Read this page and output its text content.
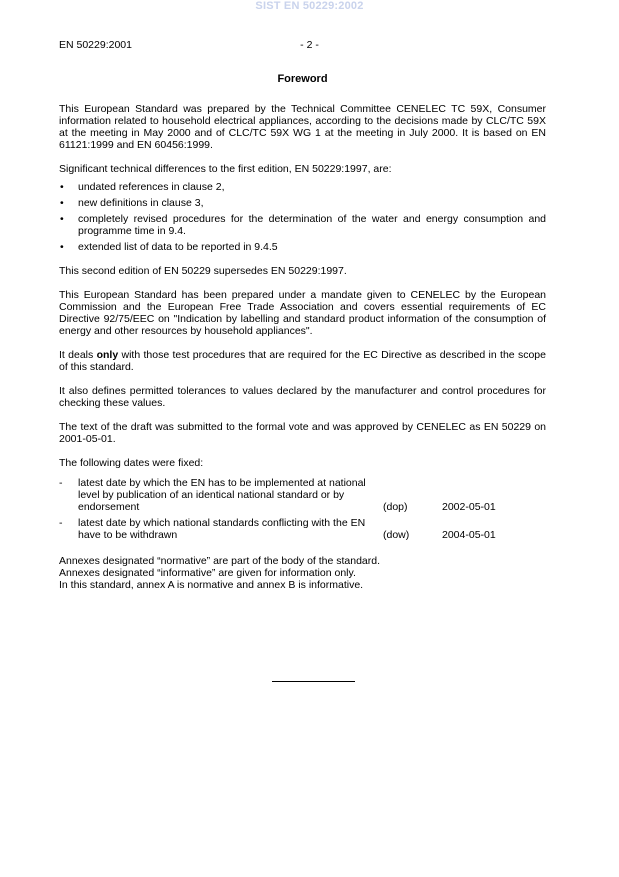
SIST EN 50229:2002
EN 50229:2001	- 2 -
Foreword

This European Standard was prepared by the Technical Committee CENELEC TC 59X, Consumer information related to household electrical appliances, according to the decisions made by CLC/TC 59X at the meeting in May 2000 and of CLC/TC 59X WG 1 at the meeting in July 2000. It is based on EN 61121:1999 and EN 60456:1999.

Significant technical differences to the first edition, EN 50229:1997, are:

• undated references in clause 2,
• new definitions in clause 3,
• completely revised procedures for the determination of the water and energy consumption and programme time in 9.4.
• extended list of data to be reported in 9.4.5

This second edition of EN 50229 supersedes EN 50229:1997.

This European Standard has been prepared under a mandate given to CENELEC by the European Commission and the European Free Trade Association and covers essential requirements of EC Directive 92/75/EEC on "Indication by labelling and standard product information of the consumption of energy and other resources by household appliances".

It deals only with those test procedures that are required for the EC Directive as described in the scope of this standard.

It also defines permitted tolerances to values declared by the manufacturer and control procedures for checking these values.

The text of the draft was submitted to the formal vote and was approved by CENELEC as EN 50229 on 2001-05-01.

The following dates were fixed:

- latest date by which the EN has to be implemented at national level by publication of an identical national standard or by endorsement	(dop)	2002-05-01
- latest date by which national standards conflicting with the EN have to be withdrawn	(dow)	2004-05-01
Annexes designated “normative” are part of the body of the standard.
Annexes designated “informative” are given for information only.
In this standard, annex A is normative and annex B is informative.
